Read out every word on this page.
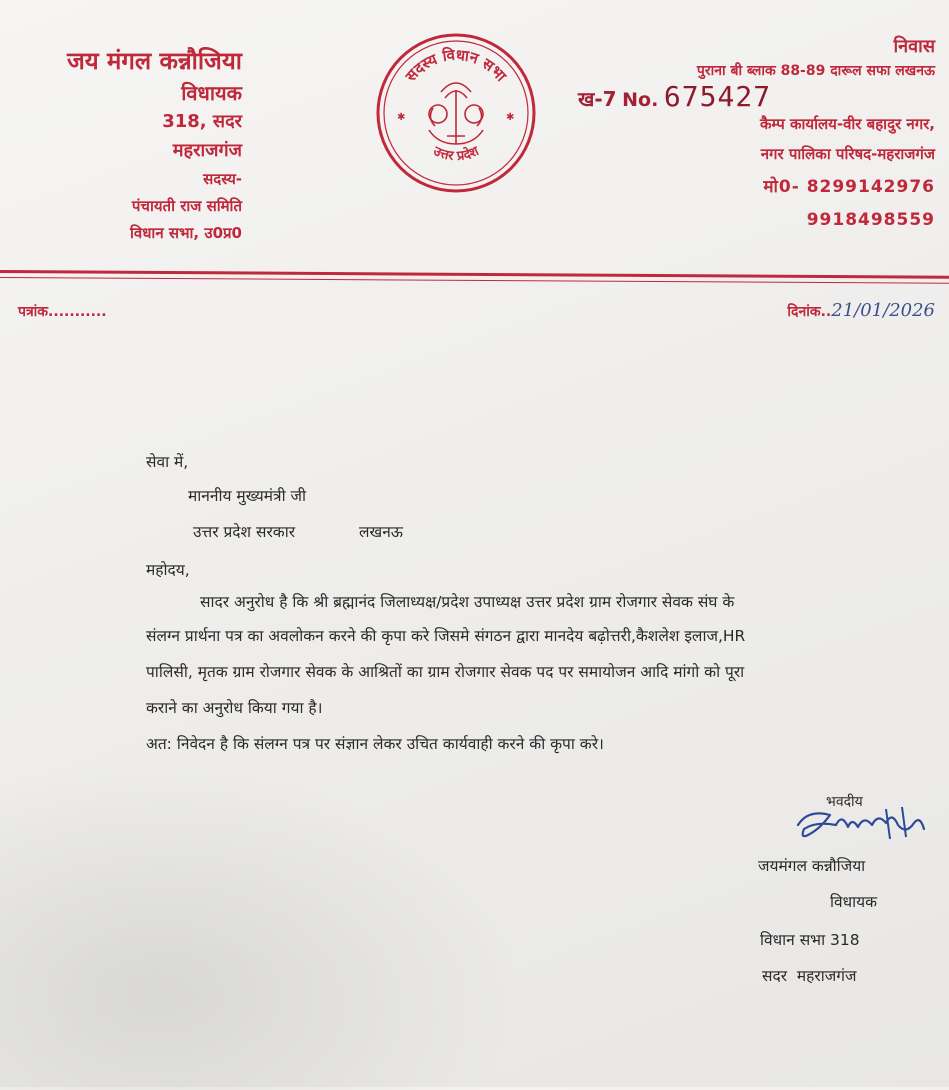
जय मंगल कन्नौजिया
विधायक
318, सदर
महराजगंज
सदस्य-
पंचायती राज समिति
विधान सभा, उ0प्र0
सदस्य विधान सभा
उत्तर प्रदेश
✱	✱
निवास
पुराना बी ब्लाक 88-89 दारूल सफा लखनऊ
कैम्प कार्यालय-वीर बहादुर नगर,
नगर पालिका परिषद-महराजगंज
मो0- 8299142976
9918498559
ख-7 No. 675427
पत्रांक...........	दिनांक..21/01/2026
सेवा में,
माननीय मुख्यमंत्री जी
उत्तर प्रदेश सरकार	लखनऊ
महोदय,
सादर अनुरोध है कि श्री ब्रह्मानंद जिलाध्यक्ष/प्रदेश उपाध्यक्ष उत्तर प्रदेश ग्राम रोजगार सेवक संघ के
संलग्न प्रार्थना पत्र का अवलोकन करने की कृपा करे जिसमे संगठन द्वारा मानदेय बढ़ोत्तरी,कैशलेश इलाज,HR
पालिसी, मृतक ग्राम रोजगार सेवक के आश्रितों का ग्राम रोजगार सेवक पद पर समायोजन आदि मांगो को पूरा
कराने का अनुरोध किया गया है।
अत: निवेदन है कि संलग्न पत्र पर संज्ञान लेकर उचित कार्यवाही करने की कृपा करे।
भवदीय
जयमंगल कन्नौजिया
विधायक
विधान सभा 318
सदर  महराजगंज
